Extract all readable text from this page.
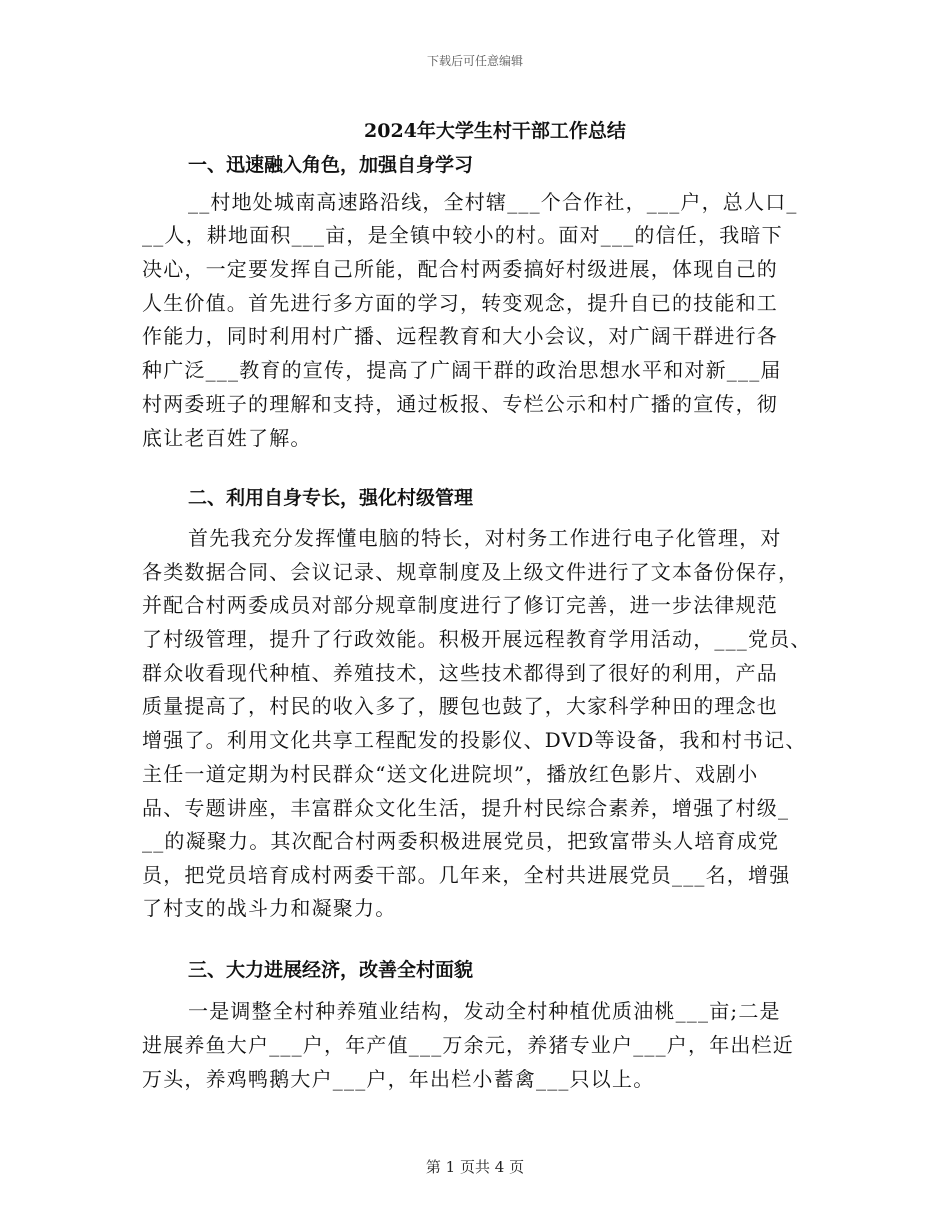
下载后可任意编辑
2024年大学生村干部工作总结
一、迅速融入角色，加强自身学习
__村地处城南高速路沿线，全村辖___个合作社，___户，总人口_
__人，耕地面积___亩，是全镇中较小的村。面对___的信任，我暗下
决心，一定要发挥自己所能，配合村两委搞好村级进展，体现自己的
人生价值。首先进行多方面的学习，转变观念，提升自已的技能和工
作能力，同时利用村广播、远程教育和大小会议，对广阔干群进行各
种广泛___教育的宣传，提高了广阔干群的政治思想水平和对新___届
村两委班子的理解和支持，通过板报、专栏公示和村广播的宣传，彻
底让老百姓了解。
二、利用自身专长，强化村级管理
首先我充分发挥懂电脑的特长，对村务工作进行电子化管理，对
各类数据合同、会议记录、规章制度及上级文件进行了文本备份保存，
并配合村两委成员对部分规章制度进行了修订完善，进一步法律规范
了村级管理，提升了行政效能。积极开展远程教育学用活动，___党员、
群众收看现代种植、养殖技术，这些技术都得到了很好的利用，产品
质量提高了，村民的收入多了，腰包也鼓了，大家科学种田的理念也
增强了。利用文化共享工程配发的投影仪、DVD等设备，我和村书记、
主任一道定期为村民群众“送文化进院坝”，播放红色影片、戏剧小
品、专题讲座，丰富群众文化生活，提升村民综合素养，增强了村级_
__的凝聚力。其次配合村两委积极进展党员，把致富带头人培育成党
员，把党员培育成村两委干部。几年来，全村共进展党员___名，增强
了村支的战斗力和凝聚力。
三、大力进展经济，改善全村面貌
一是调整全村种养殖业结构，发动全村种植优质油桃___亩;二是
进展养鱼大户___户，年产值___万余元，养猪专业户___户，年出栏近
万头，养鸡鸭鹅大户___户，年出栏小蓄禽___只以上。
第 1 页共 4 页
